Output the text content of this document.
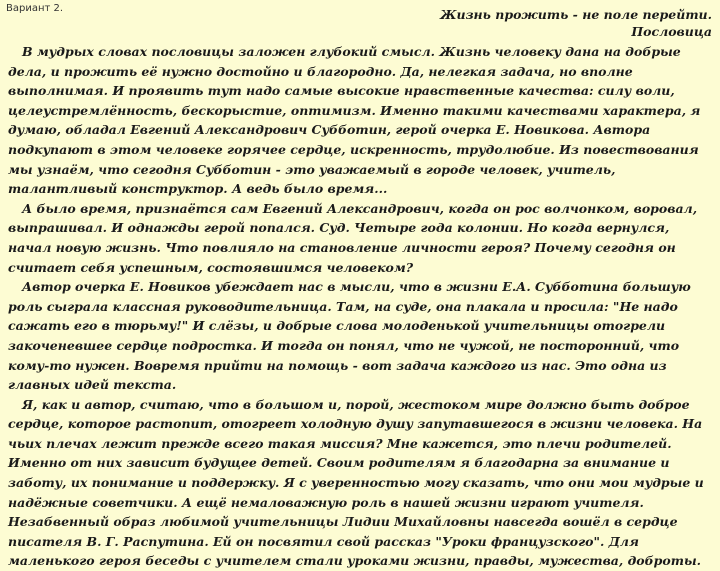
Вариант 2.	Жизнь прожить - не поле перейти.
Пословица

В мудрых словах пословицы заложен глубокий смысл. Жизнь человеку дана на добрые дела, и прожить её нужно достойно и благородно. Да, нелегкая задача, но вполне выполнимая. И проявить тут надо самые высокие нравственные качества: силу воли, целеустремлённость, бескорыстие, оптимизм. Именно такими качествами характера, я думаю, обладал Евгений Александрович Субботин, герой очерка Е. Новикова. Автора подкупают в этом человеке горячее сердце, искренность, трудолюбие. Из повествования мы узнаём, что сегодня Субботин - это уважаемый в городе человек, учитель, талантливый конструктор. А ведь было время...

А было время, признаётся сам Евгений Александрович, когда он рос волчонком, воровал, выпрашивал. И однажды герой попался. Суд. Четыре года колонии. Но когда вернулся, начал новую жизнь. Что повлияло на становление личности героя? Почему сегодня он считает себя успешным, состоявшимся человеком?

Автор очерка Е. Новиков убеждает нас в мысли, что в жизни Е.А. Субботина большую роль сыграла классная руководительница. Там, на суде, она плакала и просила: "Не надо сажать его в тюрьму!" И слёзы, и добрые слова молоденькой учительницы отогрели закоченевшее сердце подростка. И тогда он понял, что не чужой, не посторонний, что кому-то нужен. Вовремя прийти на помощь - вот задача каждого из нас. Это одна из главных идей текста.

Я, как и автор, считаю, что в большом и, порой, жестоком мире должно быть доброе сердце, которое растопит, отогреет холодную душу запутавшегося в жизни человека. На чьих плечах лежит прежде всего такая миссия? Мне кажется, это плечи родителей. Именно от них зависит будущее детей. Своим родителям я благодарна за внимание и заботу, их понимание и поддержку. Я с уверенностью могу сказать, что они мои мудрые и надёжные советчики. А ещё немаловажную роль в нашей жизни играют учителя. Незабвенный образ любимой учительницы Лидии Михайловны навсегда вошёл в сердце писателя В. Г. Распутина. Ей он посвятил свой рассказ "Уроки французского". Для маленького героя беседы с учителем стали уроками жизни, правды, мужества, доброты.
